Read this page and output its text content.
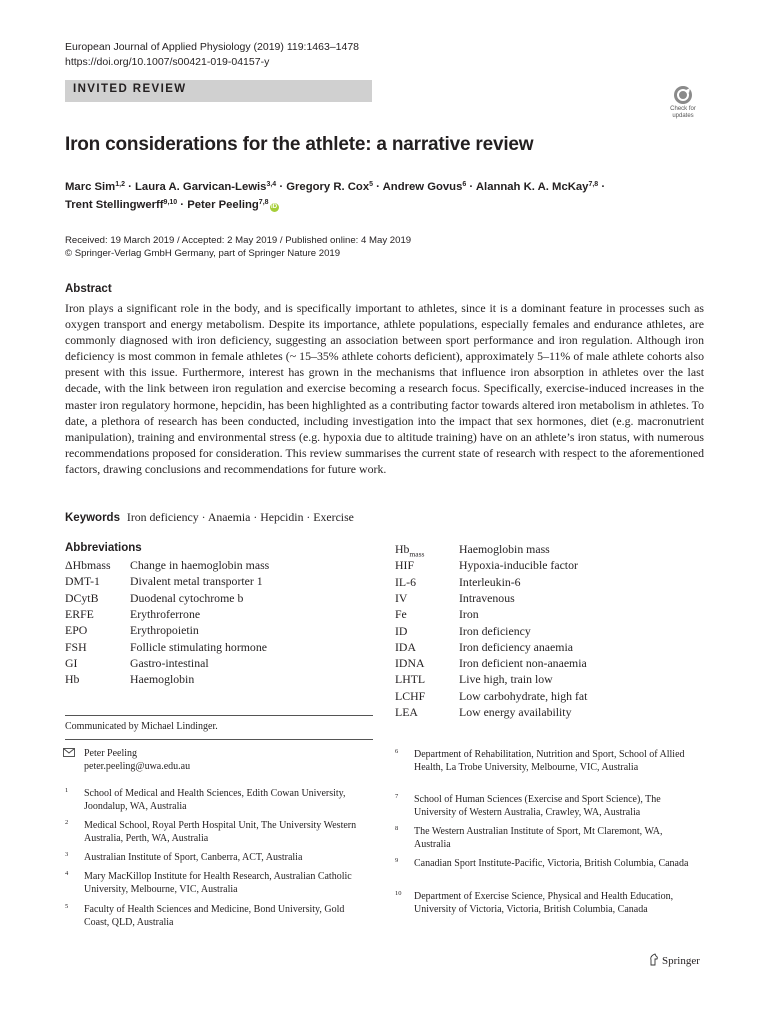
European Journal of Applied Physiology (2019) 119:1463–1478
https://doi.org/10.1007/s00421-019-04157-y
INVITED REVIEW
Check for updates
Iron considerations for the athlete: a narrative review
Marc Sim$^{1,2}$ · Laura A. Garvican-Lewis$^{3,4}$ · Gregory R. Cox$^5$ · Andrew Govus$^6$ · Alannah K. A. McKay$^{7,8}$ ·
Trent Stellingwerff$^{9,10}$ · Peter Peeling$^{7,8}$iD
Received: 19 March 2019 / Accepted: 2 May 2019 / Published online: 4 May 2019
© Springer-Verlag GmbH Germany, part of Springer Nature 2019
Abstract

Iron plays a significant role in the body, and is specifically important to athletes, since it is a dominant feature in processes such as oxygen transport and energy metabolism. Despite its importance, athlete populations, especially females and endurance athletes, are commonly diagnosed with iron deficiency, suggesting an association between sport performance and iron regulation. Although iron deficiency is most common in female athletes (~ 15–35% athlete cohorts deficient), approximately 5–11% of male athlete cohorts also present with this issue. Furthermore, interest has grown in the mechanisms that influence iron absorption in athletes over the last decade, with the link between iron regulation and exercise becoming a research focus. Specifically, exercise-induced increases in the master iron regulatory hormone, hepcidin, has been highlighted as a contributing factor towards altered iron metabolism in athletes. To date, a plethora of research has been conducted, including investigation into the impact that sex hormones, diet (e.g. macronutrient manipulation), training and environmental stress (e.g. hypoxia due to altitude training) have on an athlete’s iron status, with numerous recommendations proposed for consideration. This review summarises the current state of research with respect to the aforementioned factors, drawing conclusions and recommendations for future work.

Keywords Iron deficiency · Anaemia · Hepcidin · Exercise
Abbreviations
ΔHbmass Change in haemoglobin mass
DMT-1	Divalent metal transporter 1
DCytB	Duodenal cytochrome b
ERFE	Erythroferrone
EPO	Erythropoietin
FSH	Follicle stimulating hormone
GI	Gastro-intestinal
Hb	Haemoglobin
$Hb_{mass}$	Haemoglobin mass
HIF	Hypoxia-inducible factor
IL-6	Interleukin-6
IV	Intravenous
Fe	Iron
ID	Iron deficiency
IDA	Iron deficiency anaemia
IDNA	Iron deficient non-anaemia
LHTL	Live high, train low
LCHF	Low carbohydrate, high fat
LEA	Low energy availability
Communicated by Michael Lindinger.
Peter Peeling
peter.peeling@uwa.edu.au
1 School of Medical and Health Sciences, Edith Cowan University, Joondalup, WA, Australia
2 Medical School, Royal Perth Hospital Unit, The University Western Australia, Perth, WA, Australia
3 Australian Institute of Sport, Canberra, ACT, Australia
4 Mary MacKillop Institute for Health Research, Australian Catholic University, Melbourne, VIC, Australia
5 Faculty of Health Sciences and Medicine, Bond University, Gold Coast, QLD, Australia
6 Department of Rehabilitation, Nutrition and Sport, School of Allied Health, La Trobe University, Melbourne, VIC, Australia
7 School of Human Sciences (Exercise and Sport Science), The University of Western Australia, Crawley, WA, Australia
8 The Western Australian Institute of Sport, Mt Claremont, WA, Australia
9 Canadian Sport Institute-Pacific, Victoria, British Columbia, Canada
10 Department of Exercise Science, Physical and Health Education, University of Victoria, Victoria, British Columbia, Canada
Springer
